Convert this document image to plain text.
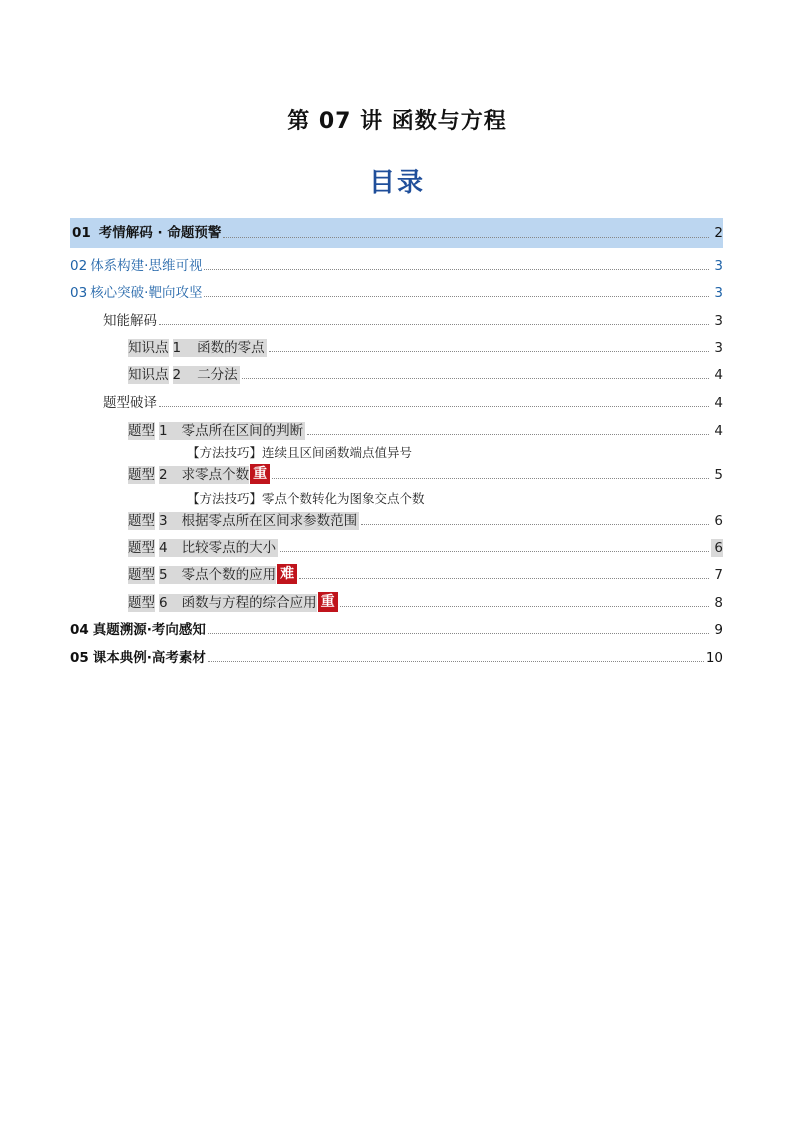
第 07 讲 函数与方程
目录
01 考情解码 · 命题预警	2
02 体系构建·思维可视	3
03 核心突破·靶向攻坚	3
知能解码	3
知识点 1	函数的零点	3
知识点 2	二分法	4
题型破译	4
题型 1	零点所在区间的判断	4
【方法技巧】连续且区间函数端点值异号
题型 2	求零点个数 重	5
【方法技巧】零点个数转化为图象交点个数
题型 3	根据零点所在区间求参数范围	6
题型 4	比较零点的大小	6
题型 5	零点个数的应用 难	7
题型 6	函数与方程的综合应用 重	8
04 真题溯源·考向感知	9
05 课本典例·高考素材	10
